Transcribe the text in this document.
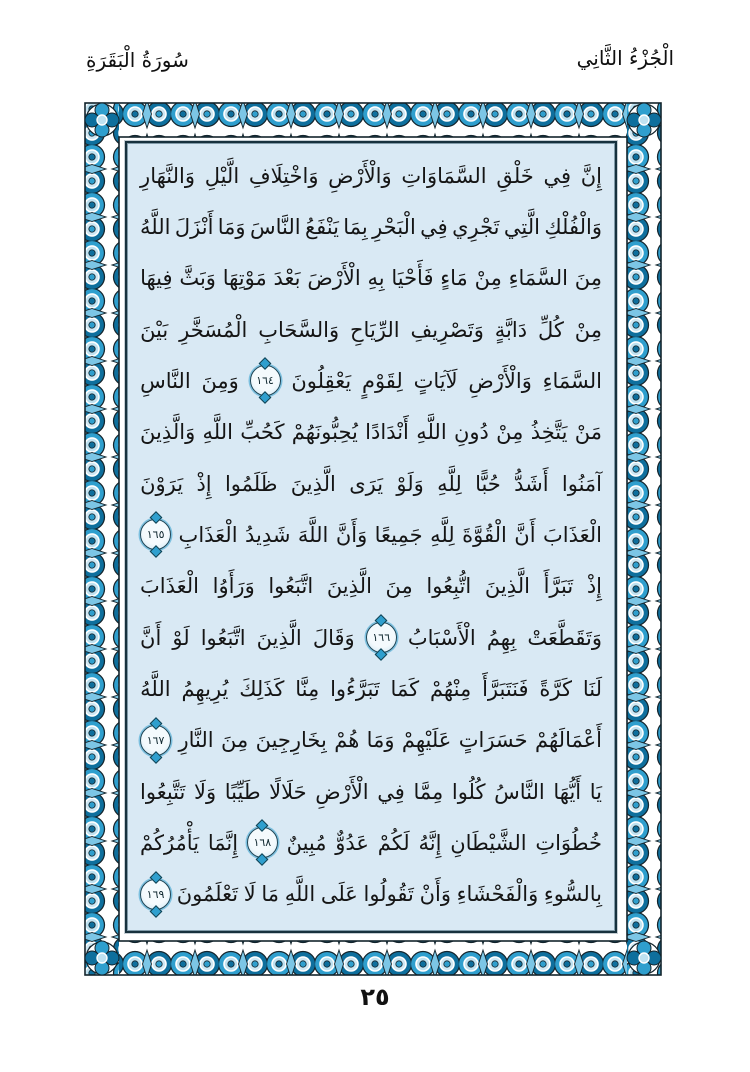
سُورَةُ الْبَقَرَةِ	الْجُزْءُ الثَّانِي
إِنَّ
فِي
خَلْقِ
السَّمَاوَاتِ
وَالْأَرْضِ
وَاخْتِلَافِ
الَّيْلِ
وَالنَّهَارِ
وَالْفُلْكِ
الَّتِي
تَجْرِي
فِي
الْبَحْرِ
بِمَا
يَنْفَعُ
النَّاسَ
وَمَا
أَنْزَلَ
اللَّهُ
مِنَ
السَّمَاءِ
مِنْ
مَاءٍ
فَأَحْيَا
بِهِ
الْأَرْضَ
بَعْدَ
مَوْتِهَا
وَبَثَّ
فِيهَا
مِنْ
كُلِّ
دَابَّةٍ
وَتَصْرِيفِ
الرِّيَاحِ
وَالسَّحَابِ
الْمُسَخَّرِ
بَيْنَ
السَّمَاءِ
وَالْأَرْضِ
لَآيَاتٍ
لِقَوْمٍ
يَعْقِلُونَ
١٦٤
وَمِنَ
النَّاسِ
مَنْ
يَتَّخِذُ
مِنْ
دُونِ
اللَّهِ
أَنْدَادًا
يُحِبُّونَهُمْ
كَحُبِّ
اللَّهِ
وَالَّذِينَ
آمَنُوا
أَشَدُّ
حُبًّا
لِلَّهِ
وَلَوْ
يَرَى
الَّذِينَ
ظَلَمُوا
إِذْ
يَرَوْنَ
الْعَذَابَ
أَنَّ
الْقُوَّةَ
لِلَّهِ
جَمِيعًا
وَأَنَّ
اللَّهَ
شَدِيدُ
الْعَذَابِ
١٦٥
إِذْ
تَبَرَّأَ
الَّذِينَ
اتُّبِعُوا
مِنَ
الَّذِينَ
اتَّبَعُوا
وَرَأَوُا
الْعَذَابَ
وَتَقَطَّعَتْ
بِهِمُ
الْأَسْبَابُ
١٦٦
وَقَالَ
الَّذِينَ
اتَّبَعُوا
لَوْ
أَنَّ
لَنَا
كَرَّةً
فَنَتَبَرَّأَ
مِنْهُمْ
كَمَا
تَبَرَّءُوا
مِنَّا
كَذَلِكَ
يُرِيهِمُ
اللَّهُ
أَعْمَالَهُمْ
حَسَرَاتٍ
عَلَيْهِمْ
وَمَا
هُمْ
بِخَارِجِينَ
مِنَ
النَّارِ
١٦٧
يَا
أَيُّهَا
النَّاسُ
كُلُوا
مِمَّا
فِي
الْأَرْضِ
حَلَالًا
طَيِّبًا
وَلَا
تَتَّبِعُوا
خُطُوَاتِ
الشَّيْطَانِ
إِنَّهُ
لَكُمْ
عَدُوٌّ
مُبِينٌ
١٦٨
إِنَّمَا
يَأْمُرُكُمْ
بِالسُّوءِ
وَالْفَحْشَاءِ
وَأَنْ
تَقُولُوا
عَلَى
اللَّهِ
مَا
لَا
تَعْلَمُونَ
١٦٩
٢٥
